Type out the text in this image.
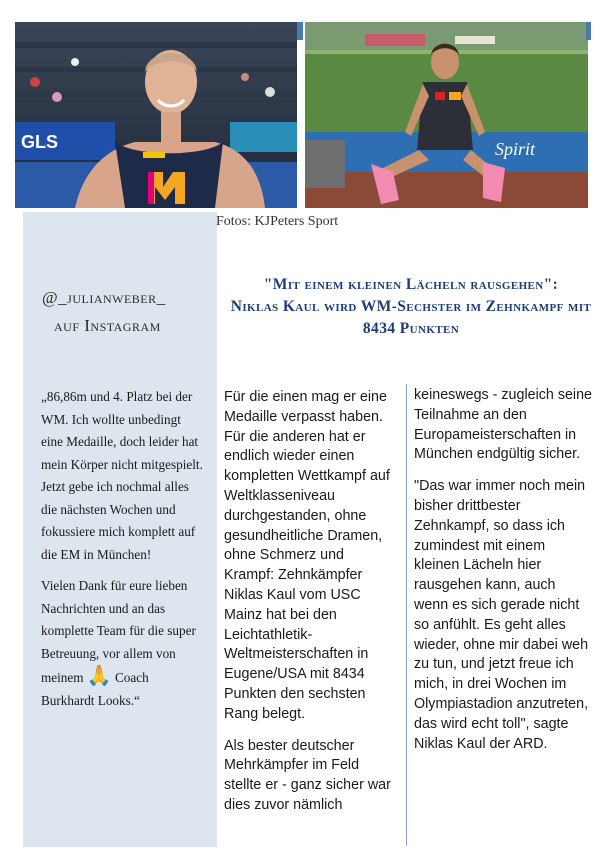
GLS	Spirit
Fotos: KJPeters Sport
@_julianweber_
auf Instagram
"Mit einem kleinen Lächeln rausgehen":
Niklas Kaul wird WM-Sechster im Zehnkampf mit 8434 Punkten

„86,86m und 4. Platz bei der WM. Ich wollte unbedingt eine Medaille, doch leider hat mein Körper nicht mitgespielt. Jetzt gebe ich nochmal alles die nächsten Wochen und fokussiere mich komplett auf die EM in München!

Vielen Dank für eure lieben Nachrichten und an das komplette Team für die super Betreuung, vor allem von meinem 🙏 Coach Burkhardt Looks.“

Für die einen mag er eine Medaille verpasst haben. Für die anderen hat er endlich wieder einen kompletten Wettkampf auf Weltklasseniveau durchgestanden, ohne gesundheitliche Dramen, ohne Schmerz und Krampf: Zehnkämpfer Niklas Kaul vom USC Mainz hat bei den Leichtathletik-Weltmeisterschaften in Eugene/USA mit 8434 Punkten den sechsten Rang belegt.

Als bester deutscher Mehrkämpfer im Feld stellte er - ganz sicher war dies zuvor nämlich

keineswegs - zugleich seine Teilnahme an den Europameisterschaften in München endgültig sicher.

"Das war immer noch mein bisher drittbester Zehnkampf, so dass ich zumindest mit einem kleinen Lächeln hier rausgehen kann, auch wenn es sich gerade nicht so anfühlt. Es geht alles wieder, ohne mir dabei weh zu tun, und jetzt freue ich mich, in drei Wochen im Olympiastadion anzutreten, das wird echt toll", sagte Niklas Kaul der ARD.
